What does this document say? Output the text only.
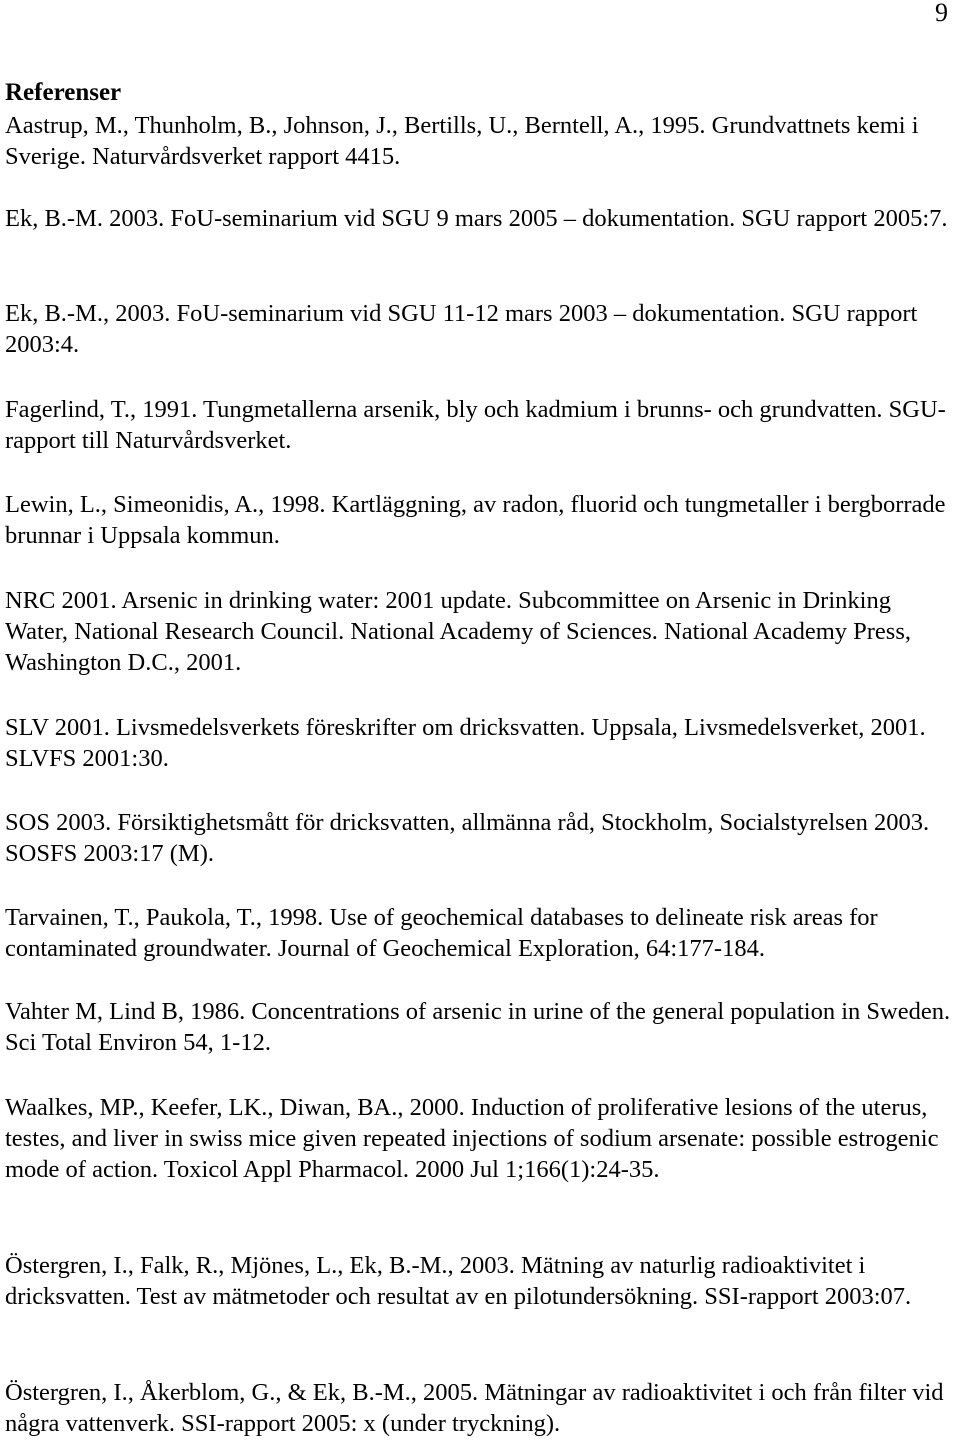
9
Referenser

Aastrup, M., Thunholm, B., Johnson, J., Bertills, U., Berntell, A., 1995. Grundvattnets kemi i Sverige. Naturvårdsverket rapport 4415.

Ek, B.-M. 2003. FoU-seminarium vid SGU 9 mars 2005 – dokumentation. SGU rapport 2005:7.

Ek, B.-M., 2003. FoU-seminarium vid SGU 11-12 mars 2003 – dokumentation. SGU rapport 2003:4.

Fagerlind, T., 1991. Tungmetallerna arsenik, bly och kadmium i brunns- och grundvatten. SGU-rapport till Naturvårdsverket.

Lewin, L., Simeonidis, A., 1998. Kartläggning, av radon, fluorid och tungmetaller i bergborrade brunnar i Uppsala kommun.

NRC 2001. Arsenic in drinking water: 2001 update. Subcommittee on Arsenic in Drinking Water, National Research Council. National Academy of Sciences. National Academy Press, Washington D.C., 2001.

SLV 2001. Livsmedelsverkets föreskrifter om dricksvatten. Uppsala, Livsmedelsverket, 2001. SLVFS 2001:30.

SOS 2003. Försiktighetsmått för dricksvatten, allmänna råd, Stockholm, Socialstyrelsen 2003. SOSFS 2003:17 (M).

Tarvainen, T., Paukola, T., 1998. Use of geochemical databases to delineate risk areas for contaminated groundwater. Journal of Geochemical Exploration, 64:177-184.

Vahter M, Lind B, 1986. Concentrations of arsenic in urine of the general population in Sweden. Sci Total Environ 54, 1-12.

Waalkes, MP., Keefer, LK., Diwan, BA., 2000. Induction of proliferative lesions of the uterus, testes, and liver in swiss mice given repeated injections of sodium arsenate: possible estrogenic mode of action. Toxicol Appl Pharmacol. 2000 Jul 1;166(1):24-35.

Östergren, I., Falk, R., Mjönes, L., Ek, B.-M., 2003. Mätning av naturlig radioaktivitet i dricksvatten. Test av mätmetoder och resultat av en pilotundersökning. SSI-rapport 2003:07.

Östergren, I., Åkerblom, G., & Ek, B.-M., 2005. Mätningar av radioaktivitet i och från filter vid några vattenverk. SSI-rapport 2005: x (under tryckning).
